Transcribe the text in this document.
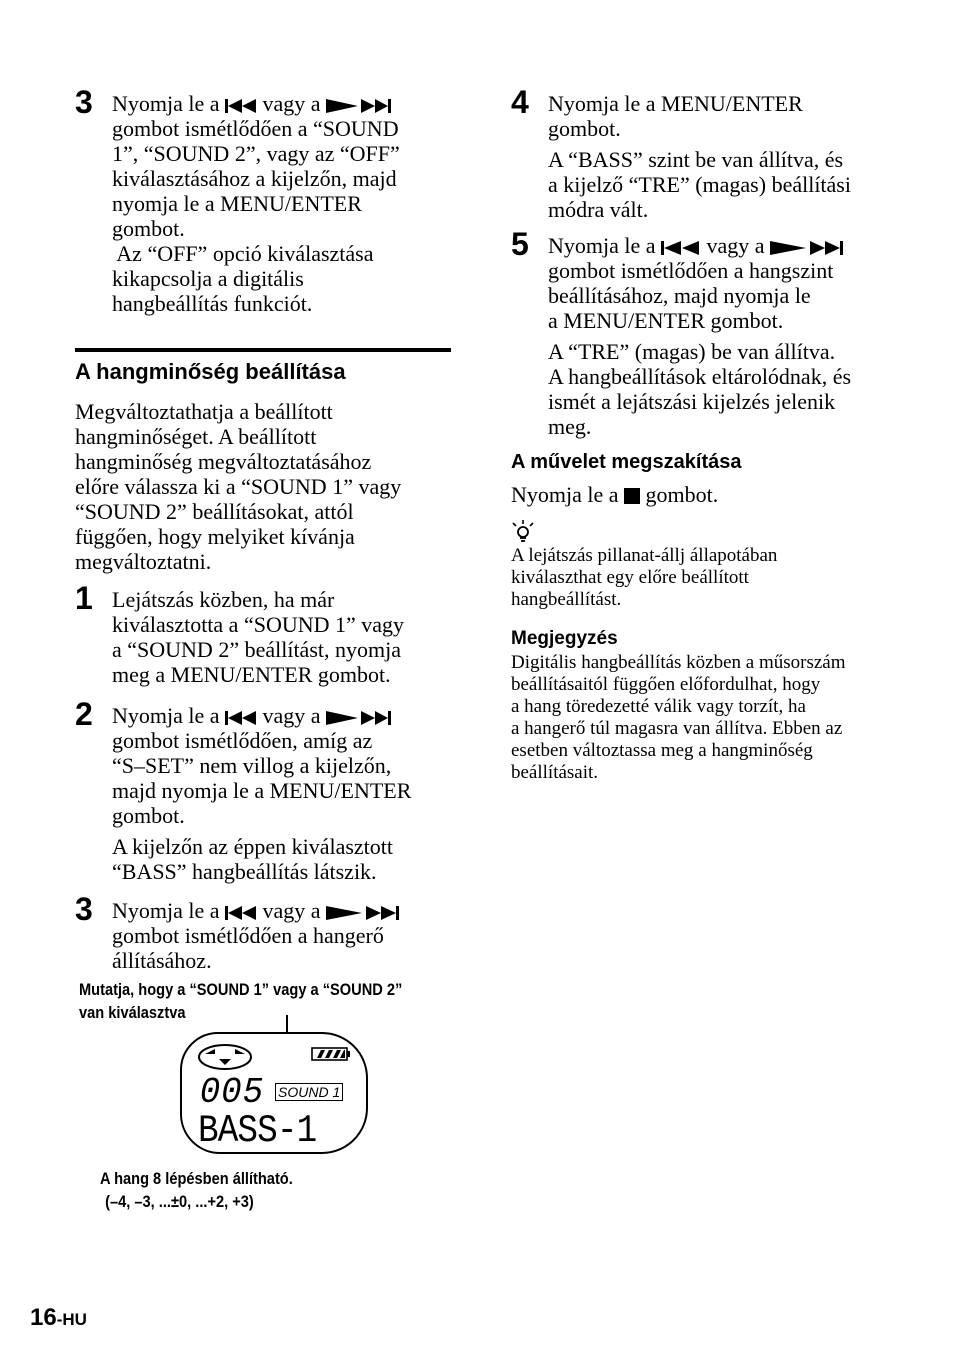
3 Nyomja le a vagy a
gombot ismétlődően a “SOUND
1”, “SOUND 2”, vagy az “OFF”
kiválasztásához a kijelzőn, majd
nyomja le a MENU/ENTER
gombot.
Az “OFF” opció kiválasztása
kikapcsolja a digitális
hangbeállítás funkciót.
A hangminőség beállítása
Megváltoztathatja a beállított
hangminőséget. A beállított
hangminőség megváltoztatásához
előre válassza ki a “SOUND 1” vagy
“SOUND 2” beállításokat, attól
függően, hogy melyiket kívánja
megváltoztatni.
1 Lejátszás közben, ha már
kiválasztotta a “SOUND 1” vagy
a “SOUND 2” beállítást, nyomja
meg a MENU/ENTER gombot.
2 Nyomja le a vagy a
gombot ismétlődően, amíg az
“S–SET” nem villog a kijelzőn,
majd nyomja le a MENU/ENTER
gombot.
A kijelzőn az éppen kiválasztott
“BASS” hangbeállítás látszik.
3 Nyomja le a vagy a
gombot ismétlődően a hangerő
állításához.
Mutatja, hogy a “SOUND 1” vagy a “SOUND 2”
van kiválasztva
005 SOUND 1
BASS-1
A hang 8 lépésben állítható.
(–4, –3, ...±0, ...+2, +3)
16-HU
4 Nyomja le a MENU/ENTER
gombot.
A “BASS” szint be van állítva, és
a kijelző “TRE” (magas) beállítási
módra vált.
5 Nyomja le a vagy a
gombot ismétlődően a hangszint
beállításához, majd nyomja le
a MENU/ENTER gombot.
A “TRE” (magas) be van állítva.
A hangbeállítások eltárolódnak, és
ismét a lejátszási kijelzés jelenik
meg.
A művelet megszakítása
Nyomja le a gombot.
A lejátszás pillanat-állj állapotában
kiválaszthat egy előre beállított
hangbeállítást.
Megjegyzés
Digitális hangbeállítás közben a műsorszám
beállításaitól függően előfordulhat, hogy
a hang töredezetté válik vagy torzít, ha
a hangerő túl magasra van állítva. Ebben az
esetben változtassa meg a hangminőség
beállításait.
